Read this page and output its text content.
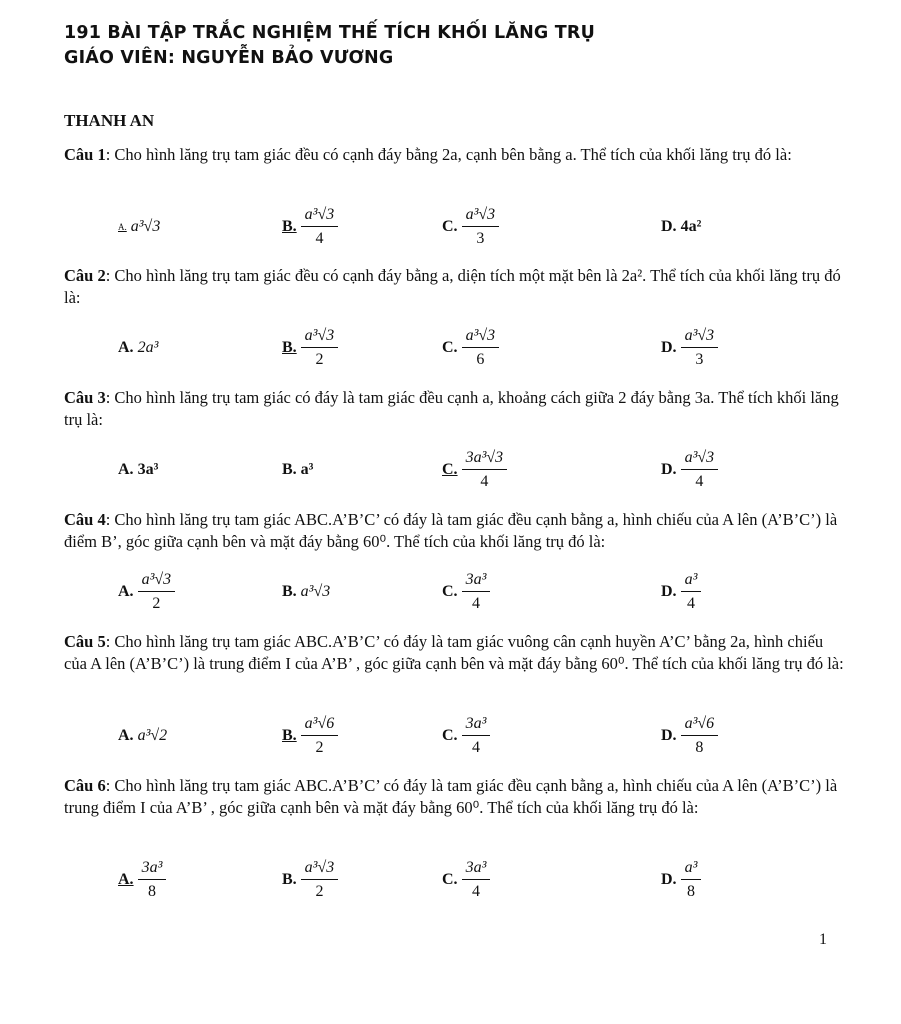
191 BÀI TẬP TRẮC NGHIỆM THẾ TÍCH KHỐI LĂNG TRỤ
GIÁO VIÊN: NGUYỄN BẢO VƯƠNG
THANH AN
Câu 1: Cho hình lăng trụ tam giác đều có cạnh đáy bằng 2a, cạnh bên bằng a. Thể tích của khối lăng trụ đó là:
A. a³√3	B. $\frac{\text{a³√3}}{4}$	C. $\frac{\text{a³√3}}{3}$	D. 4a²
Câu 2: Cho hình lăng trụ tam giác đều có cạnh đáy bằng a, diện tích một mặt bên là 2a². Thể tích của khối lăng trụ đó là:
A. 2a³	B. $\frac{\text{a³√3}}{2}$	C. $\frac{\text{a³√3}}{6}$	D. $\frac{\text{a³√3}}{3}$
Câu 3: Cho hình lăng trụ tam giác có đáy là tam giác đều cạnh a, khoảng cách giữa 2 đáy bằng 3a. Thể tích khối lăng trụ là:
A. 3a³	B. a³	C. $\frac{\text{3a³√3}}{4}$	D. $\frac{\text{a³√3}}{4}$
Câu 4: Cho hình lăng trụ tam giác ABC.A’B’C’ có đáy là tam giác đều cạnh bằng a, hình chiếu của A lên (A’B’C’) là điểm B’, góc giữa cạnh bên và mặt đáy bằng 60⁰. Thể tích của khối lăng trụ đó là:
A. $\frac{\text{a³√3}}{2}$	B. a³√3	C. $\frac{\text{3a³}}{4}$	D. $\frac{\text{a³}}{4}$
Câu 5: Cho hình lăng trụ tam giác ABC.A’B’C’ có đáy là tam giác vuông cân cạnh huyền A’C’ bằng 2a, hình chiếu của A lên (A’B’C’) là trung điểm I của A’B’ , góc giữa cạnh bên và mặt đáy bằng 60⁰. Thể tích của khối lăng trụ đó là:
A. a³√2	B. $\frac{\text{a³√6}}{2}$	C. $\frac{\text{3a³}}{4}$	D. $\frac{\text{a³√6}}{8}$
Câu 6: Cho hình lăng trụ tam giác ABC.A’B’C’ có đáy là tam giác đều cạnh bằng a, hình chiếu của A lên (A’B’C’) là trung điểm I của A’B’ , góc giữa cạnh bên và mặt đáy bằng 60⁰. Thể tích của khối lăng trụ đó là:
A. $\frac{\text{3a³}}{8}$	B. $\frac{\text{a³√3}}{2}$	C. $\frac{\text{3a³}}{4}$	D. $\frac{\text{a³}}{8}$
1
